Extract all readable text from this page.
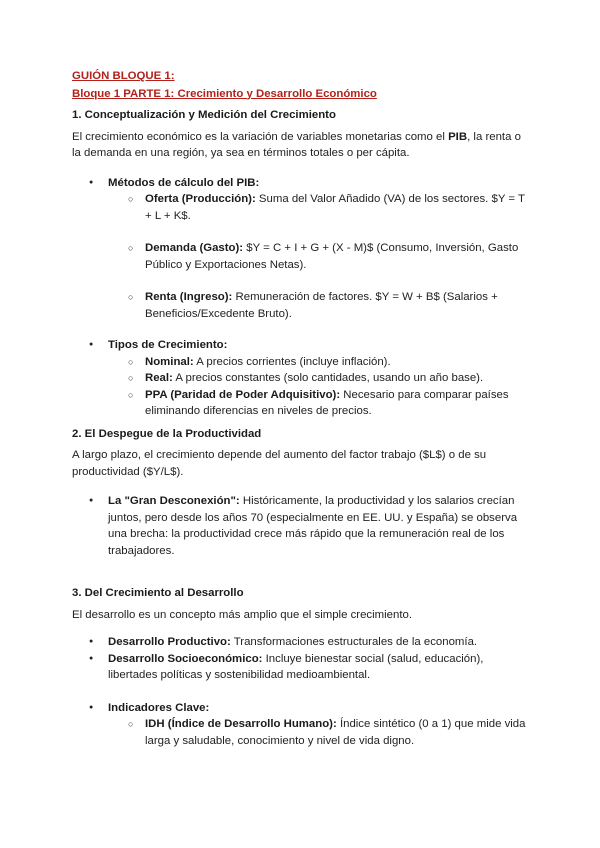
GUIÓN BLOQUE 1:

Bloque 1 PARTE 1: Crecimiento y Desarrollo Económico

1. Conceptualización y Medición del Crecimiento

El crecimiento económico es la variación de variables monetarias como el PIB, la renta o la demanda en una región, ya sea en términos totales o per cápita.

● Métodos de cálculo del PIB:
○ Oferta (Producción): Suma del Valor Añadido (VA) de los sectores. $Y = T + L + K$.
○ Demanda (Gasto): $Y = C + I + G + (X - M)$ (Consumo, Inversión, Gasto Público y Exportaciones Netas).
○ Renta (Ingreso): Remuneración de factores. $Y = W + B$ (Salarios + Beneficios/Excedente Bruto).
● Tipos de Crecimiento:
○ Nominal: A precios corrientes (incluye inflación).
○ Real: A precios constantes (solo cantidades, usando un año base).
○ PPA (Paridad de Poder Adquisitivo): Necesario para comparar países eliminando diferencias en niveles de precios.

2. El Despegue de la Productividad

A largo plazo, el crecimiento depende del aumento del factor trabajo ($L$) o de su productividad ($Y/L$).

● La "Gran Desconexión": Históricamente, la productividad y los salarios crecían juntos, pero desde los años 70 (especialmente en EE. UU. y España) se observa una brecha: la productividad crece más rápido que la remuneración real de los trabajadores.

3. Del Crecimiento al Desarrollo

El desarrollo es un concepto más amplio que el simple crecimiento.

● Desarrollo Productivo: Transformaciones estructurales de la economía.
● Desarrollo Socioeconómico: Incluye bienestar social (salud, educación), libertades políticas y sostenibilidad medioambiental.
● Indicadores Clave:
○ IDH (Índice de Desarrollo Humano): Índice sintético (0 a 1) que mide vida larga y saludable, conocimiento y nivel de vida digno.
